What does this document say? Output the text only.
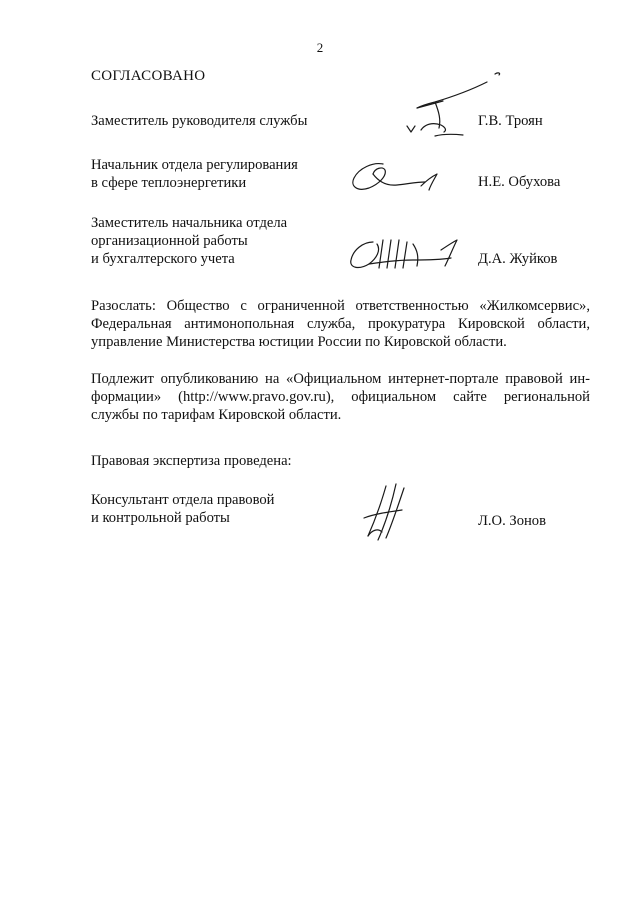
2
СОГЛАСОВАНО
Заместитель руководителя службы	Г.В. Троян
Начальник отдела регулирования
в сфере теплоэнергетики	Н.Е. Обухова
Заместитель начальника отдела
организационной работы
и бухгалтерского учета	Д.А. Жуйков
Разослать: Общество с ограниченной ответственностью «Жилкомсервис»,
Федеральная антимонопольная служба, прокуратура Кировской области,
управление Министерства юстиции России по Кировской области.
Подлежит опубликованию на «Официальном интернет-портале правовой ин-
формации» (http://www.pravo.gov.ru), официальном сайте региональной
службы по тарифам Кировской области.
Правовая экспертиза проведена:
Консультант отдела правовой
и контрольной работы	Л.О. Зонов
